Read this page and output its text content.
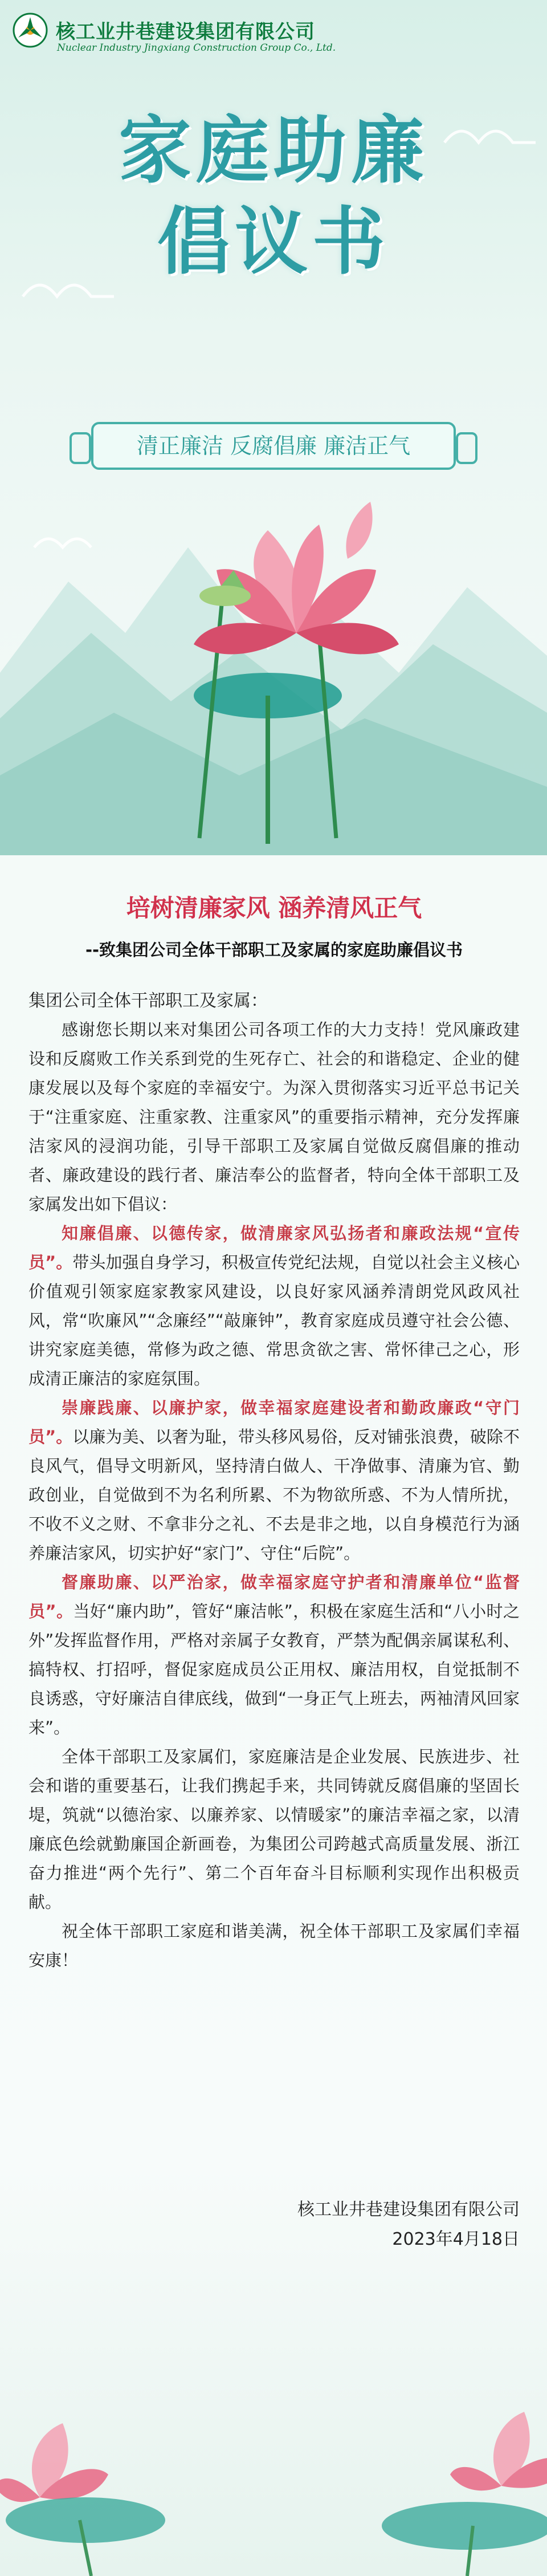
核工业井巷建设集团有限公司
Nuclear Industry Jingxiang Construction Group Co., Ltd.
家庭助廉
倡议书
清正廉洁 反腐倡廉 廉洁正气
培树清廉家风 涵养清风正气
--致集团公司全体干部职工及家属的家庭助廉倡议书

集团公司全体干部职工及家属：

感谢您长期以来对集团公司各项工作的大力支持！党风廉政建设和反腐败工作关系到党的生死存亡、社会的和谐稳定、企业的健康发展以及每个家庭的幸福安宁。为深入贯彻落实习近平总书记关于“注重家庭、注重家教、注重家风”的重要指示精神，充分发挥廉洁家风的浸润功能，引导干部职工及家属自觉做反腐倡廉的推动者、廉政建设的践行者、廉洁奉公的监督者，特向全体干部职工及家属发出如下倡议：

知廉倡廉、以德传家，做清廉家风弘扬者和廉政法规“宣传员”。带头加强自身学习，积极宣传党纪法规，自觉以社会主义核心价值观引领家庭家教家风建设，以良好家风涵养清朗党风政风社风，常“吹廉风”“念廉经”“敲廉钟”，教育家庭成员遵守社会公德、讲究家庭美德，常修为政之德、常思贪欲之害、常怀律己之心，形成清正廉洁的家庭氛围。

崇廉践廉、以廉护家，做幸福家庭建设者和勤政廉政“守门员”。以廉为美、以奢为耻，带头移风易俗，反对铺张浪费，破除不良风气，倡导文明新风，坚持清白做人、干净做事、清廉为官、勤政创业，自觉做到不为名利所累、不为物欲所惑、不为人情所扰，不收不义之财、不拿非分之礼、不去是非之地，以自身模范行为涵养廉洁家风，切实护好“家门”、守住“后院”。

督廉助廉、以严治家，做幸福家庭守护者和清廉单位“监督员”。当好“廉内助”，管好“廉洁帐”，积极在家庭生活和“八小时之外”发挥监督作用，严格对亲属子女教育，严禁为配偶亲属谋私利、搞特权、打招呼，督促家庭成员公正用权、廉洁用权，自觉抵制不良诱惑，守好廉洁自律底线，做到“一身正气上班去，两袖清风回家来”。

全体干部职工及家属们，家庭廉洁是企业发展、民族进步、社会和谐的重要基石，让我们携起手来，共同铸就反腐倡廉的坚固长堤，筑就“以德治家、以廉养家、以情暖家”的廉洁幸福之家，以清廉底色绘就勤廉国企新画卷，为集团公司跨越式高质量发展、浙江奋力推进“两个先行”、第二个百年奋斗目标顺利实现作出积极贡献。

祝全体干部职工家庭和谐美满，祝全体干部职工及家属们幸福安康！

核工业井巷建设集团有限公司
2023年4月18日
